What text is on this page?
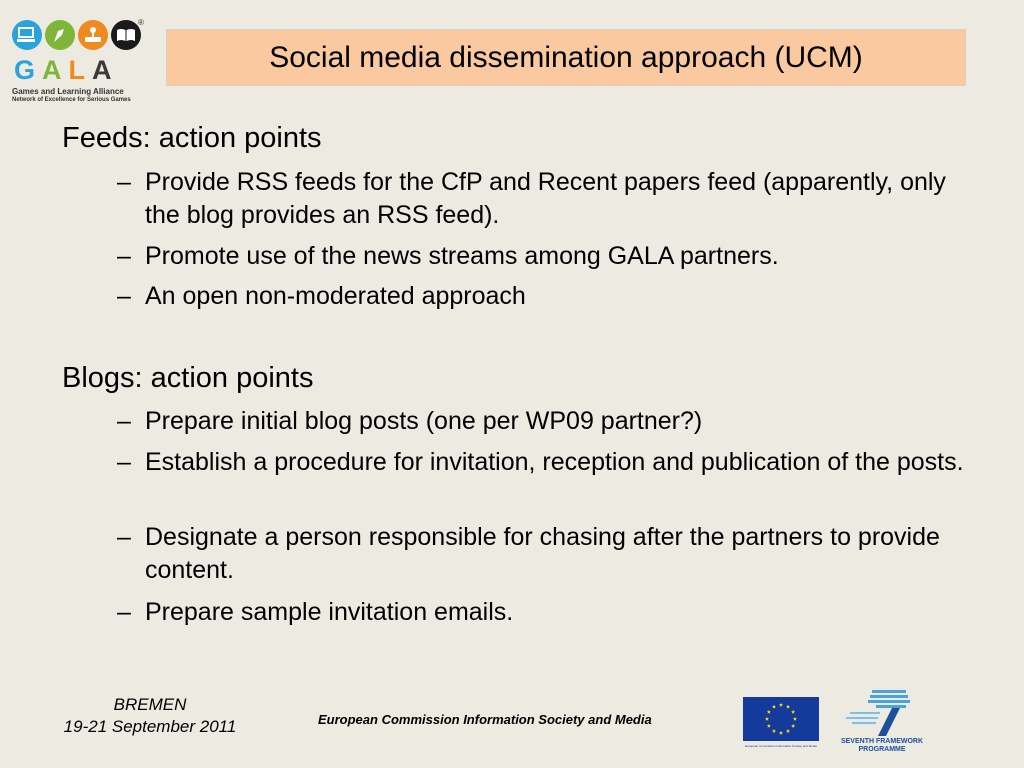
®
GALA
Games and Learning Alliance
Network of Excellence for Serious Games
Social media dissemination approach (UCM)
Feeds: action points
– Provide RSS feeds for the CfP and Recent papers feed (apparently, only the blog provides an RSS feed).
– Promote use of the news streams among GALA partners.
– An open non-moderated approach
Blogs: action points
– Prepare initial blog posts (one per WP09 partner?)
– Establish a procedure for invitation, reception and publication of the posts.
– Designate a person responsible for chasing after the partners to provide content.
– Prepare sample invitation emails.
BREMEN
19-21 September 2011	European Commission Information Society and Media
European Commission Information Society and Media
SEVENTH FRAMEWORK
PROGRAMME
